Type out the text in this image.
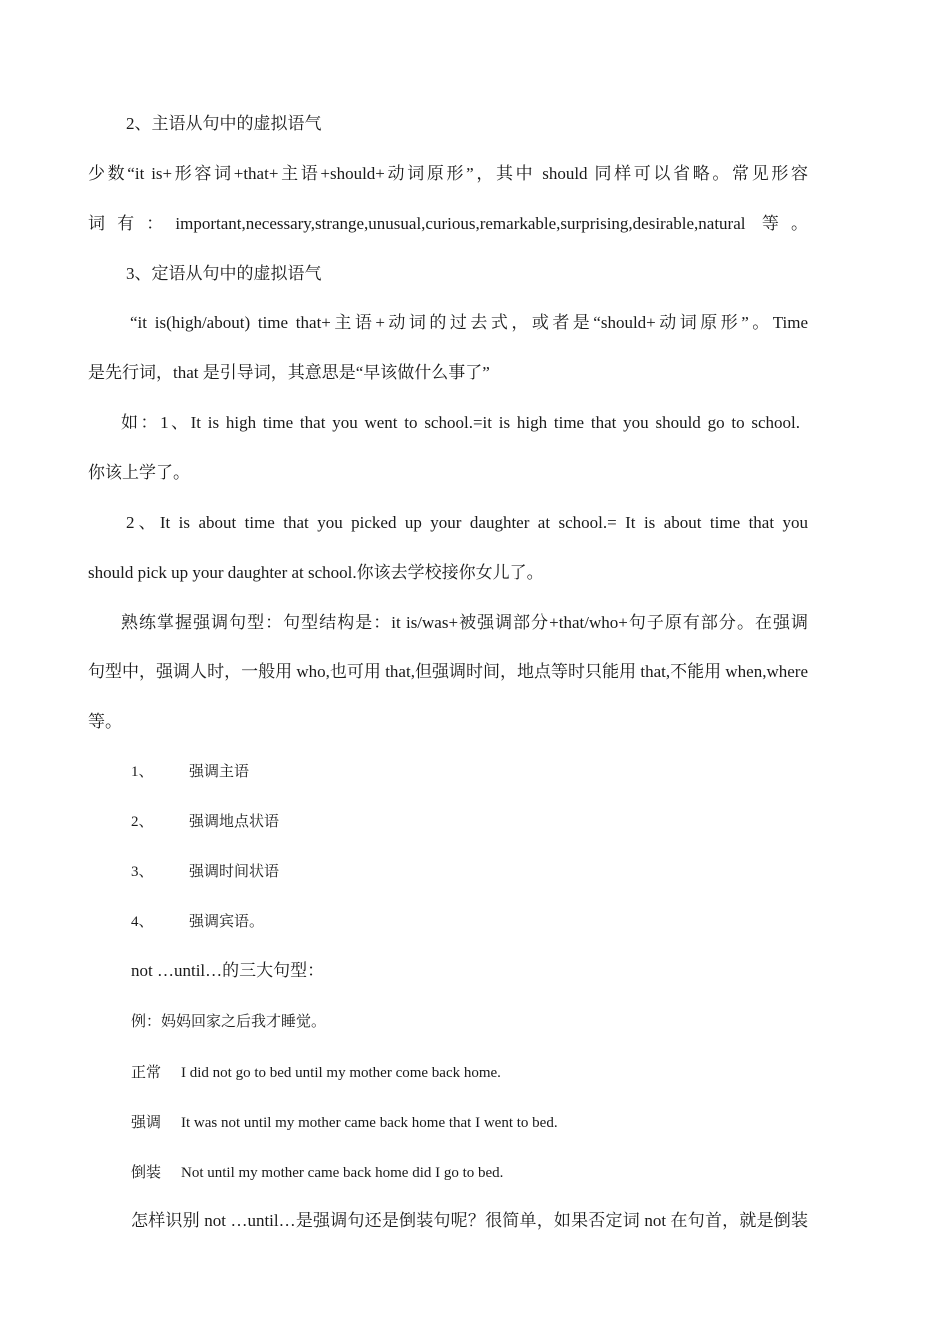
2、主语从句中的虚拟语气
少数“it is+形容词+that+主语+should+动词原形”，其中 should 同样可以省略。常见形容
词有：important,necessary,strange,unusual,curious,remarkable,surprising,desirable,natural 等。
3、定语从句中的虚拟语气
“it is(high/about) time that+主语+动词的过去式，或者是“should+动词原形”。Time
是先行词，that 是引导词，其意思是“早该做什么事了”
如：1、It is high time that you went to school.=it is high time that you should go to school.
你该上学了。
2、It is about time that you picked up your daughter at school.= It is about time that you
should pick up your daughter at school.你该去学校接你女儿了。
熟练掌握强调句型：句型结构是：it is/was+被强调部分+that/who+句子原有部分。在强调
句型中，强调人时，一般用 who,也可用 that,但强调时间，地点等时只能用 that,不能用 when,where
等。
1、 强调主语
2、 强调地点状语
3、 强调时间状语
4、 强调宾语。
not …until…的三大句型：
例：妈妈回家之后我才睡觉。
正常 I did not go to bed until my mother come back home.
强调 It was not until my mother came back home that I went to bed.
倒装 Not until my mother came back home did I go to bed.
怎样识别 not …until…是强调句还是倒装句呢？很简单，如果否定词 not 在句首，就是倒装
